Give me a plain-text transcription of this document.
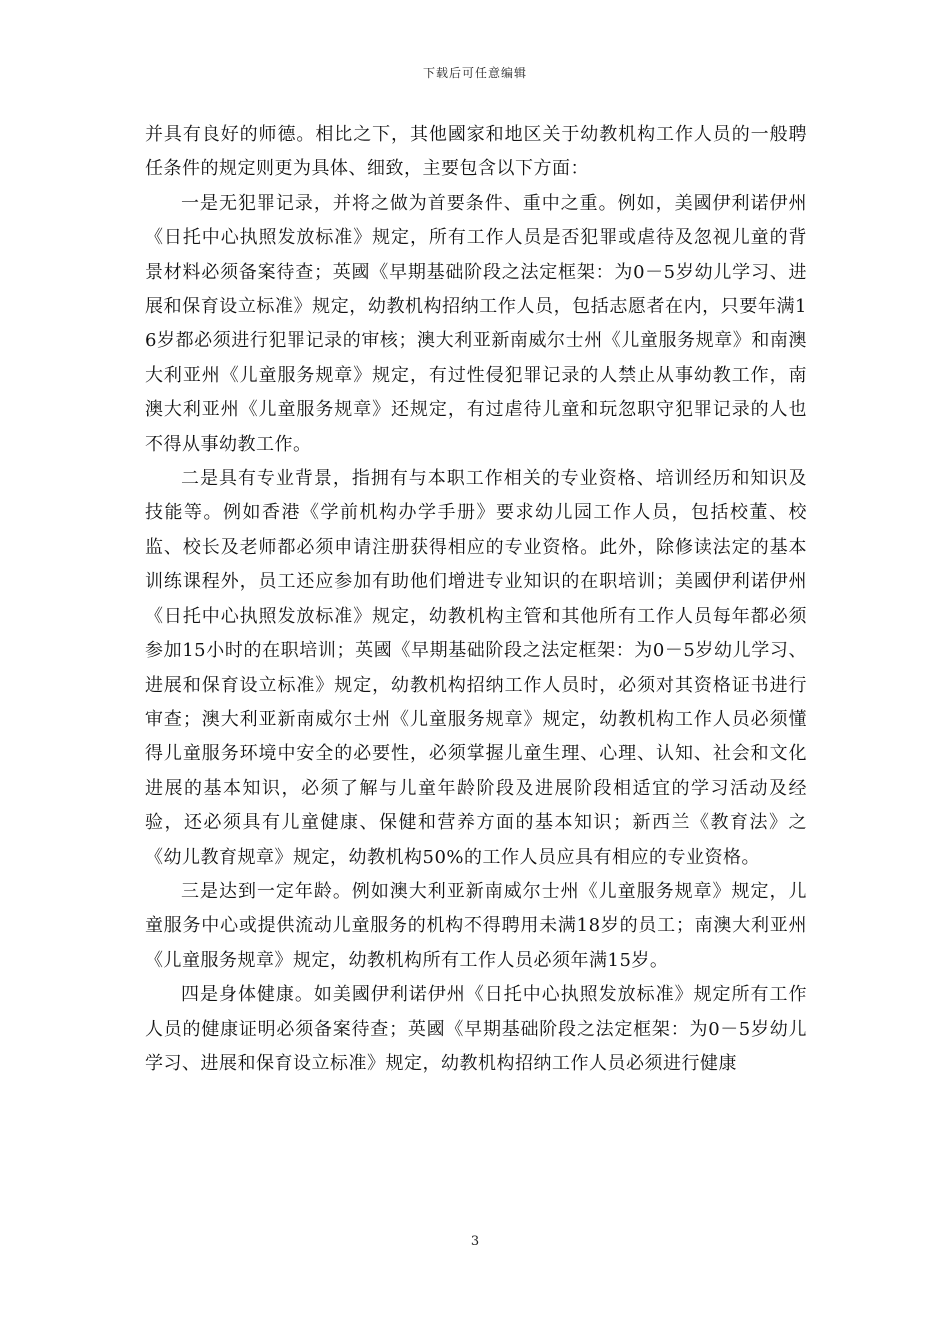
下载后可任意编辑

并具有良好的师德。相比之下，其他國家和地区关于幼教机构工作人员的一般聘任条件的规定则更为具体、细致，主要包含以下方面：

一是无犯罪记录，并将之做为首要条件、重中之重。例如，美國伊利诺伊州《日托中心执照发放标准》规定，所有工作人员是否犯罪或虐待及忽视儿童的背景材料必须备案待查；英國《早期基础阶段之法定框架：为0－5岁幼儿学习、进展和保育设立标准》规定，幼教机构招纳工作人员，包括志愿者在内，只要年满16岁都必须进行犯罪记录的审核；澳大利亚新南威尔士州《儿童服务规章》和南澳大利亚州《儿童服务规章》规定，有过性侵犯罪记录的人禁止从事幼教工作，南澳大利亚州《儿童服务规章》还规定，有过虐待儿童和玩忽职守犯罪记录的人也不得从事幼教工作。

二是具有专业背景，指拥有与本职工作相关的专业资格、培训经历和知识及技能等。例如香港《学前机构办学手册》要求幼儿园工作人员，包括校董、校监、校长及老师都必须申请注册获得相应的专业资格。此外，除修读法定的基本训练课程外，员工还应参加有助他们增进专业知识的在职培训；美國伊利诺伊州《日托中心执照发放标准》规定，幼教机构主管和其他所有工作人员每年都必须参加15小时的在职培训；英國《早期基础阶段之法定框架：为0－5岁幼儿学习、进展和保育设立标准》规定，幼教机构招纳工作人员时，必须对其资格证书进行审查；澳大利亚新南威尔士州《儿童服务规章》规定，幼教机构工作人员必须懂得儿童服务环境中安全的必要性，必须掌握儿童生理、心理、认知、社会和文化进展的基本知识，必须了解与儿童年龄阶段及进展阶段相适宜的学习活动及经验，还必须具有儿童健康、保健和营养方面的基本知识；新西兰《教育法》之《幼儿教育规章》规定，幼教机构50%的工作人员应具有相应的专业资格。

三是达到一定年龄。例如澳大利亚新南威尔士州《儿童服务规章》规定，儿童服务中心或提供流动儿童服务的机构不得聘用未满18岁的员工；南澳大利亚州《儿童服务规章》规定，幼教机构所有工作人员必须年满15岁。

四是身体健康。如美國伊利诺伊州《日托中心执照发放标准》规定所有工作人员的健康证明必须备案待查；英國《早期基础阶段之法定框架：为0－5岁幼儿学习、进展和保育设立标准》规定，幼教机构招纳工作人员必须进行健康

3
